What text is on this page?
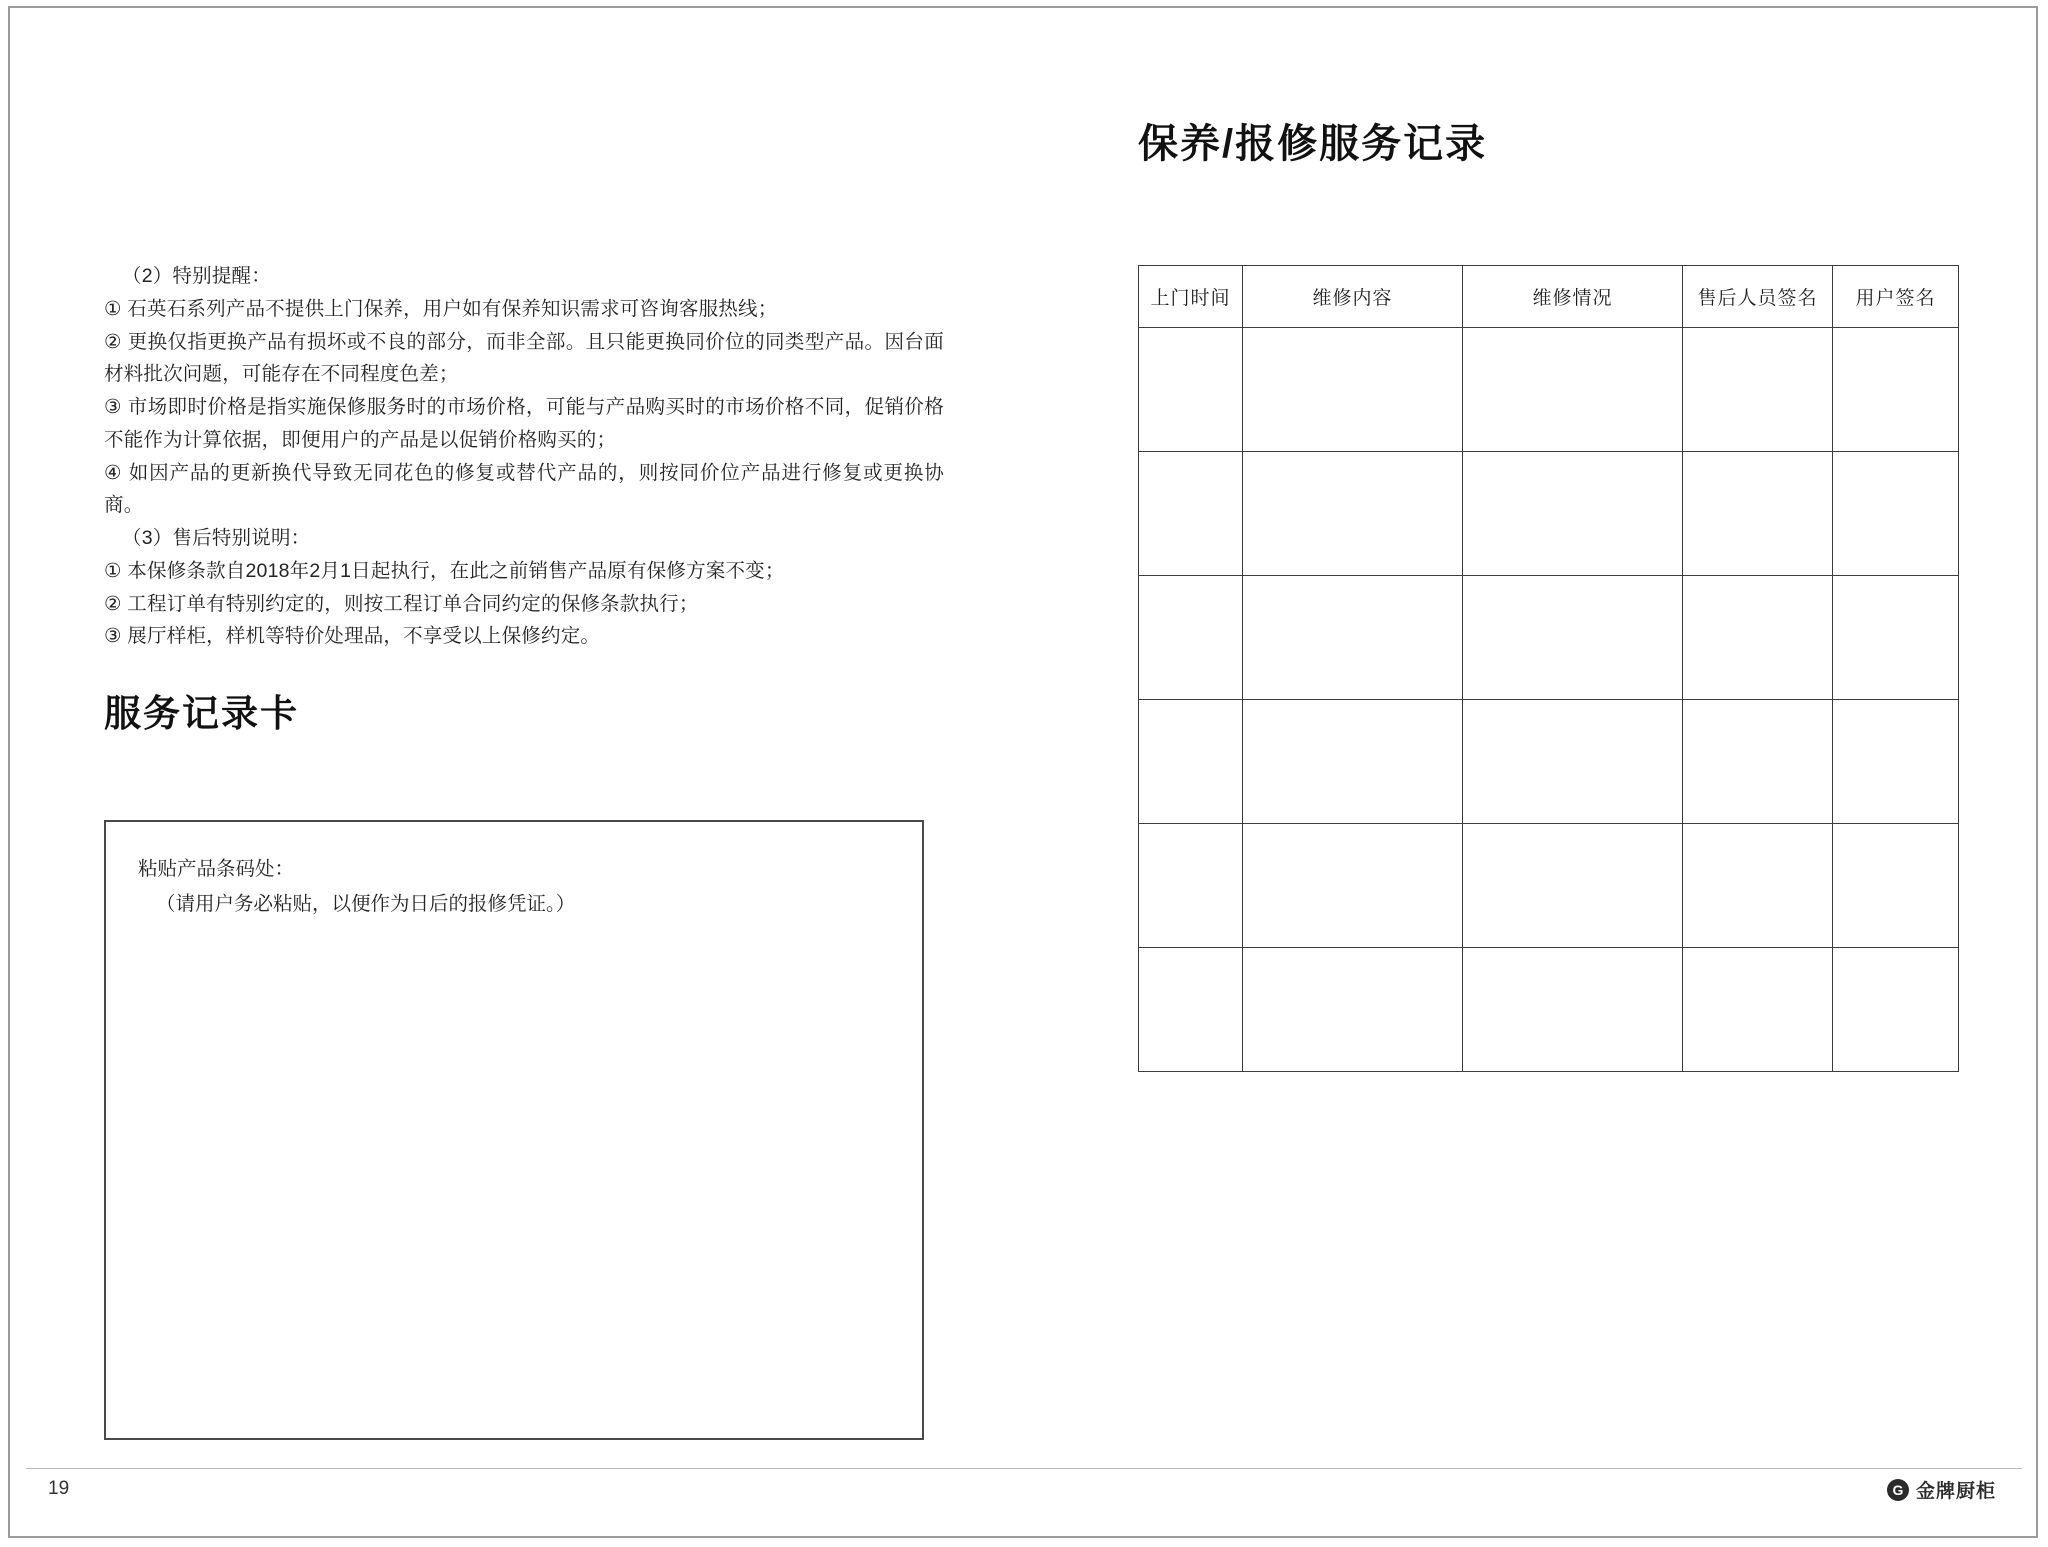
（2）特别提醒：

① 石英石系列产品不提供上门保养，用户如有保养知识需求可咨询客服热线；

② 更换仅指更换产品有损坏或不良的部分，而非全部。且只能更换同价位的同类型产品。因台面材料批次问题，可能存在不同程度色差；

③ 市场即时价格是指实施保修服务时的市场价格，可能与产品购买时的市场价格不同，促销价格不能作为计算依据，即便用户的产品是以促销价格购买的；

④ 如因产品的更新换代导致无同花色的修复或替代产品的，则按同价位产品进行修复或更换协商。

（3）售后特别说明：

① 本保修条款自2018年2月1日起执行，在此之前销售产品原有保修方案不变；

② 工程订单有特别约定的，则按工程订单合同约定的保修条款执行；

③ 展厅样柜，样机等特价处理品，不享受以上保修约定。

服务记录卡
粘贴产品条码处：
（请用户务必粘贴，以便作为日后的报修凭证。）
保养/报修服务记录
上门时间	维修内容	维修情况	售后人员签名	用户签名

19	G 金牌厨柜
